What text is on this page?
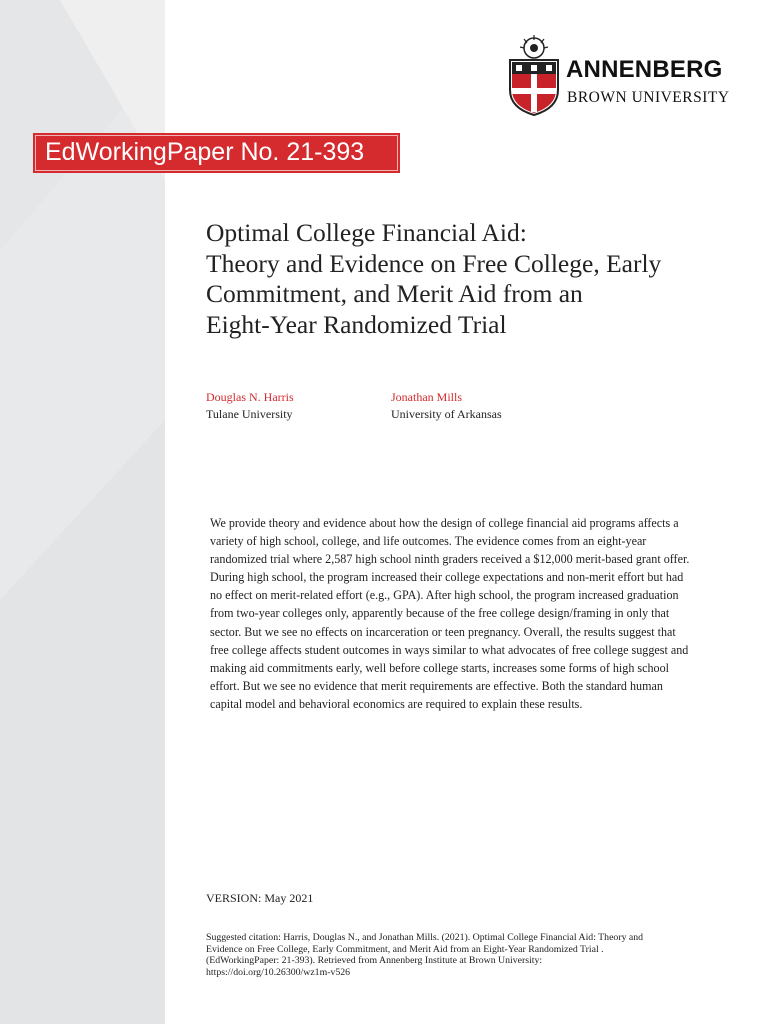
ANNENBERG
BROWN UNIVERSITY
EdWorkingPaper No. 21-393
Optimal College Financial Aid:
Theory and Evidence on Free College, Early
Commitment, and Merit Aid from an
Eight-Year Randomized Trial
Douglas N. Harris
Tulane University
Jonathan Mills
University of Arkansas
We provide theory and evidence about how the design of college financial aid programs affects a
variety of high school, college, and life outcomes. The evidence comes from an eight-year
randomized trial where 2,587 high school ninth graders received a $12,000 merit-based grant offer.
During high school, the program increased their college expectations and non-merit effort but had
no effect on merit-related effort (e.g., GPA). After high school, the program increased graduation
from two-year colleges only, apparently because of the free college design/framing in only that
sector. But we see no effects on incarceration or teen pregnancy. Overall, the results suggest that
free college affects student outcomes in ways similar to what advocates of free college suggest and
making aid commitments early, well before college starts, increases some forms of high school
effort. But we see no evidence that merit requirements are effective. Both the standard human
capital model and behavioral economics are required to explain these results.
VERSION: May 2021
Suggested citation: Harris, Douglas N., and Jonathan Mills. (2021). Optimal College Financial Aid: Theory and
Evidence on Free College, Early Commitment, and Merit Aid from an Eight-Year Randomized Trial .
(EdWorkingPaper: 21-393). Retrieved from Annenberg Institute at Brown University:
https://doi.org/10.26300/wz1m-v526
